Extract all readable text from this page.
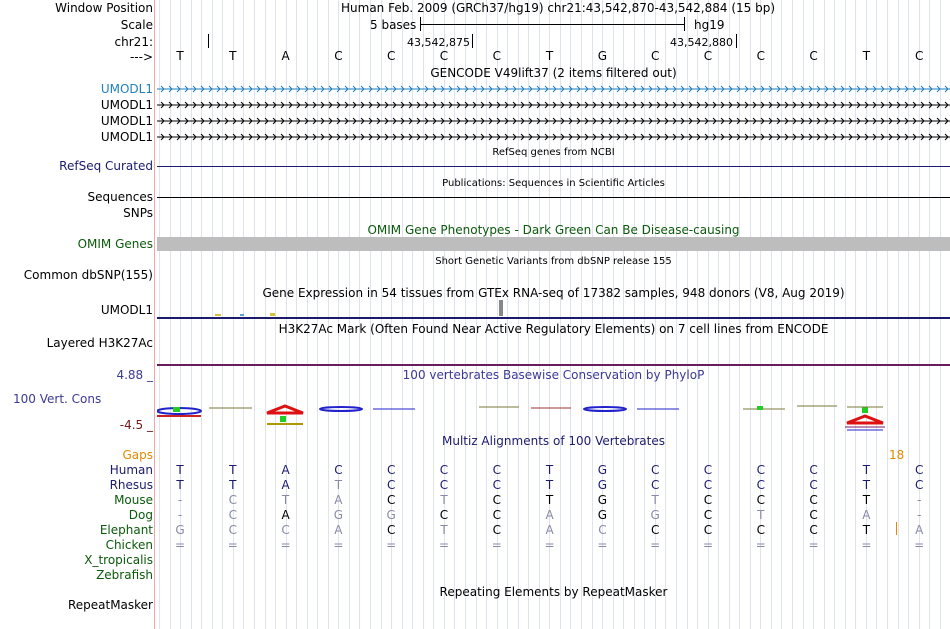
Window Position	Human Feb. 2009 (GRCh37/hg19) chr21:43,542,870-43,542,884 (15 bp)
Scale	5 bases	hg19
chr21:	43,542,875	43,542,880
--->	T	T	A	C	C	C	C	T	G	C	C	C	C	T	C
GENCODE V49lift37 (2 items filtered out)
UMODL1
UMODL1
UMODL1
UMODL1
RefSeq genes from NCBI
RefSeq Curated
Publications: Sequences in Scientific Articles
Sequences
SNPs
OMIM Gene Phenotypes - Dark Green Can Be Disease-causing
OMIM Genes
Short Genetic Variants from dbSNP release 155
Common dbSNP(155)
Gene Expression in 54 tissues from GTEx RNA-seq of 17382 samples, 948 donors (V8, Aug 2019)
UMODL1
H3K27Ac Mark (Often Found Near Active Regulatory Elements) on 7 cell lines from ENCODE
Layered H3K27Ac
100 vertebrates Basewise Conservation by PhyloP
4.88 _
100 Vert. Cons
-4.5 _
Multiz Alignments of 100 Vertebrates
Gaps	18
Human	T	T	A	C	C	C	C	T	G	C	C	C	C	T	C
Rhesus	T	T	A	T	C	C	C	T	G	C	C	C	C	T	C
Mouse	-	C	T	A	C	T	C	T	G	T	C	C	C	T	-
Dog	-	C	A	G	G	C	C	A	G	G	C	T	C	A	-
Elephant G	C	C	A	C	T	C	A	C	C	C	C	C	T	A
Chicken =	=	=	=	=	=	=	=	=	=	=	=	=	=	=
X_tropicalis
Zebrafish
Repeating Elements by RepeatMasker
RepeatMasker
